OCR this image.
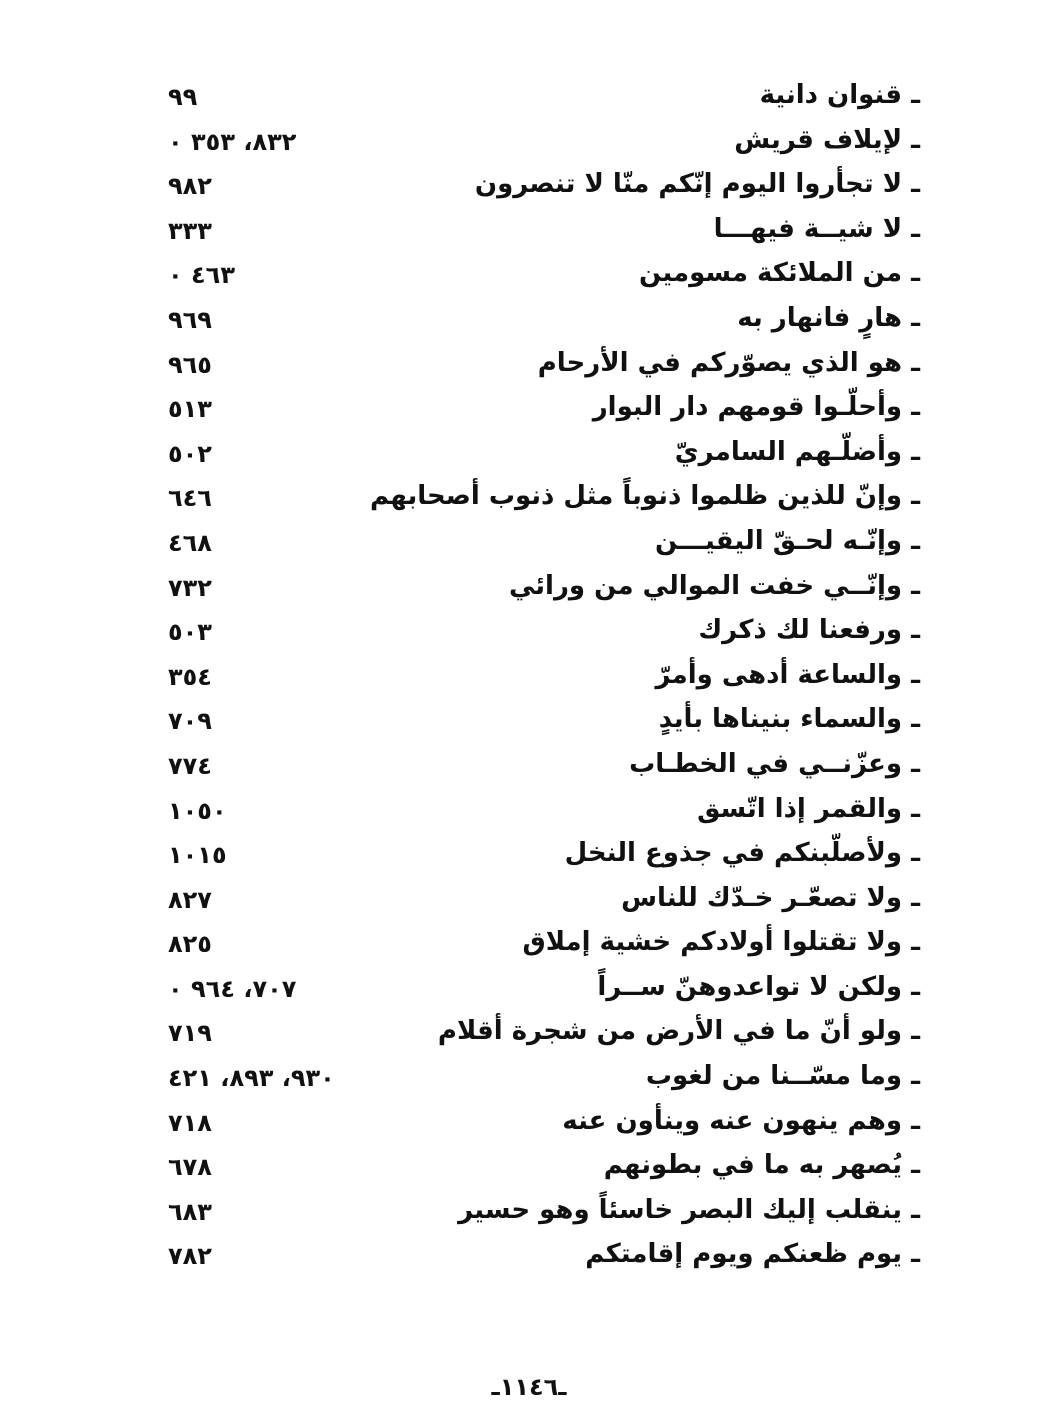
ـ قنوان دانية
٩٩
ـ لإيلاف قريش
٨٣٢، ٣٥٣ ٠
ـ لا تجأروا اليوم إنّكم منّا لا تنصرون
٩٨٢
ـ لا شيــة فيهـــا
٣٣٣
ـ من الملائكة مسومين
٤٦٣ ٠
ـ هارٍ فانهار به
٩٦٩
ـ هو الذي يصوّركم في الأرحام
٩٦٥
ـ وأحلّـوا قومهم دار البوار
٥١٣
ـ وأضلّـهم السامريّ
٥٠٢
ـ وإنّ للذين ظلموا ذنوباً مثل ذنوب أصحابهم
٦٤٦
ـ وإنّـه لحـقّ اليقيـــن
٤٦٨
ـ وإنّــي خفت الموالي من ورائي
٧٣٢
ـ ورفعنا لك ذكرك
٥٠٣
ـ والساعة أدهى وأمرّ
٣٥٤
ـ والسماء بنيناها بأيدٍ
٧٠٩
ـ وعزّنــي في الخطـاب
٧٧٤
ـ والقمر إذا اتّسق
١٠٥٠
ـ ولأصلّبنكم في جذوع النخل
١٠١٥
ـ ولا تصعّـر خـدّك للناس
٨٢٧
ـ ولا تقتلوا أولادكم خشية إملاق
٨٢٥
ـ ولكن لا تواعدوهنّ ســراً
٧٠٧، ٩٦٤ ٠
ـ ولو أنّ ما في الأرض من شجرة أقلام
٧١٩
ـ وما مسّــنا من لغوب
٩٣٠، ٨٩٣، ٤٢١
ـ وهم ينهون عنه وينأون عنه
٧١٨
ـ يُصهر به ما في بطونهم
٦٧٨
ـ ينقلب إليك البصر خاسئاً وهو حسير
٦٨٣
ـ يوم ظعنكم ويوم إقامتكم
٧٨٢
ـ١١٤٦ـ
